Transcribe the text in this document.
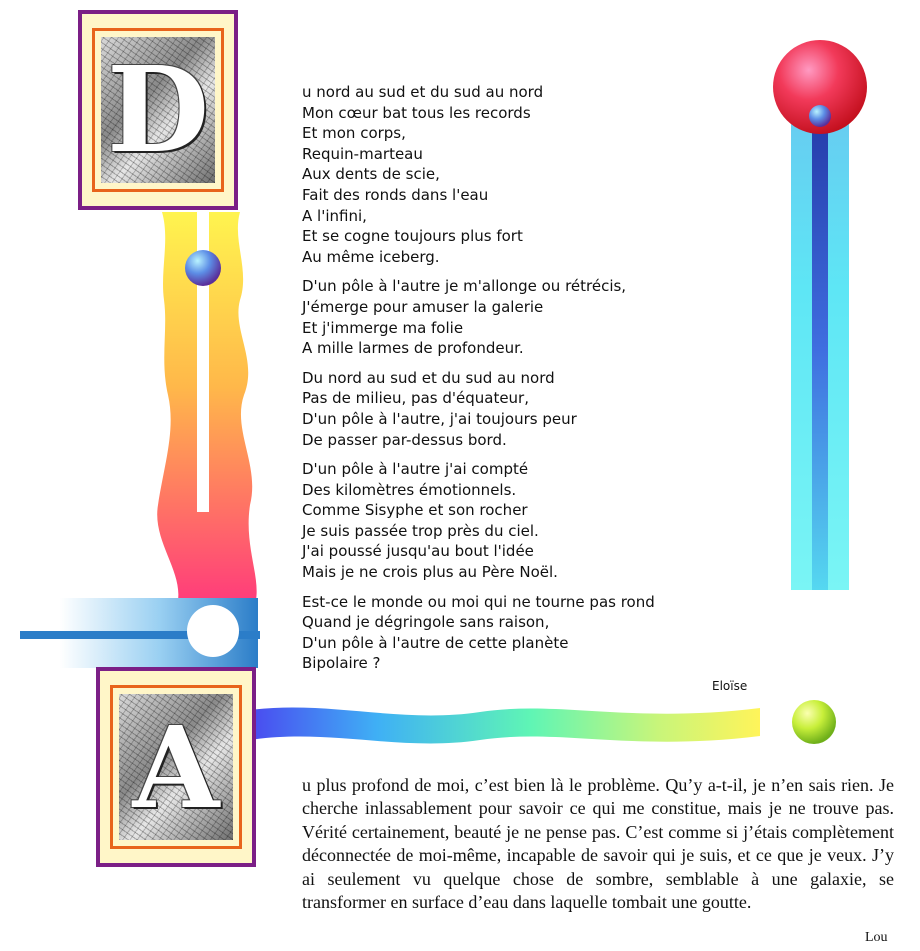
D	u nord au sud et du sud au nord
Mon cœur bat tous les records
Et mon corps,
Requin-marteau
Aux dents de scie,
Fait des ronds dans l'eau
A l'infini,
Et se cogne toujours plus fort
Au même iceberg.
D'un pôle à l'autre je m'allonge ou rétrécis,
J'émerge pour amuser la galerie
Et j'immerge ma folie
A mille larmes de profondeur.
Du nord au sud et du sud au nord
Pas de milieu, pas d'équateur,
D'un pôle à l'autre, j'ai toujours peur
De passer par-dessus bord.
D'un pôle à l'autre j'ai compté
Des kilomètres émotionnels.
Comme Sisyphe et son rocher
Je suis passée trop près du ciel.
J'ai poussé jusqu'au bout l'idée
Mais je ne crois plus au Père Noël.
Est-ce le monde ou moi qui ne tourne pas rond
Quand je dégringole sans raison,
D'un pôle à l'autre de cette planète
Bipolaire ?
Eloïse
A	u plus profond de moi, c’est bien là le problème. Qu’y a-t-il, je n’en sais rien. Je cherche inlassablement pour savoir ce qui me constitue, mais je ne trouve pas. Vérité certainement, beauté je ne pense pas. C’est comme si j’étais complètement déconnectée de moi-même, incapable de savoir qui je suis, et ce que je veux. J’y ai seulement vu quelque chose de sombre, semblable à une galaxie, se transformer en surface d’eau dans laquelle tombait une goutte.
Lou
